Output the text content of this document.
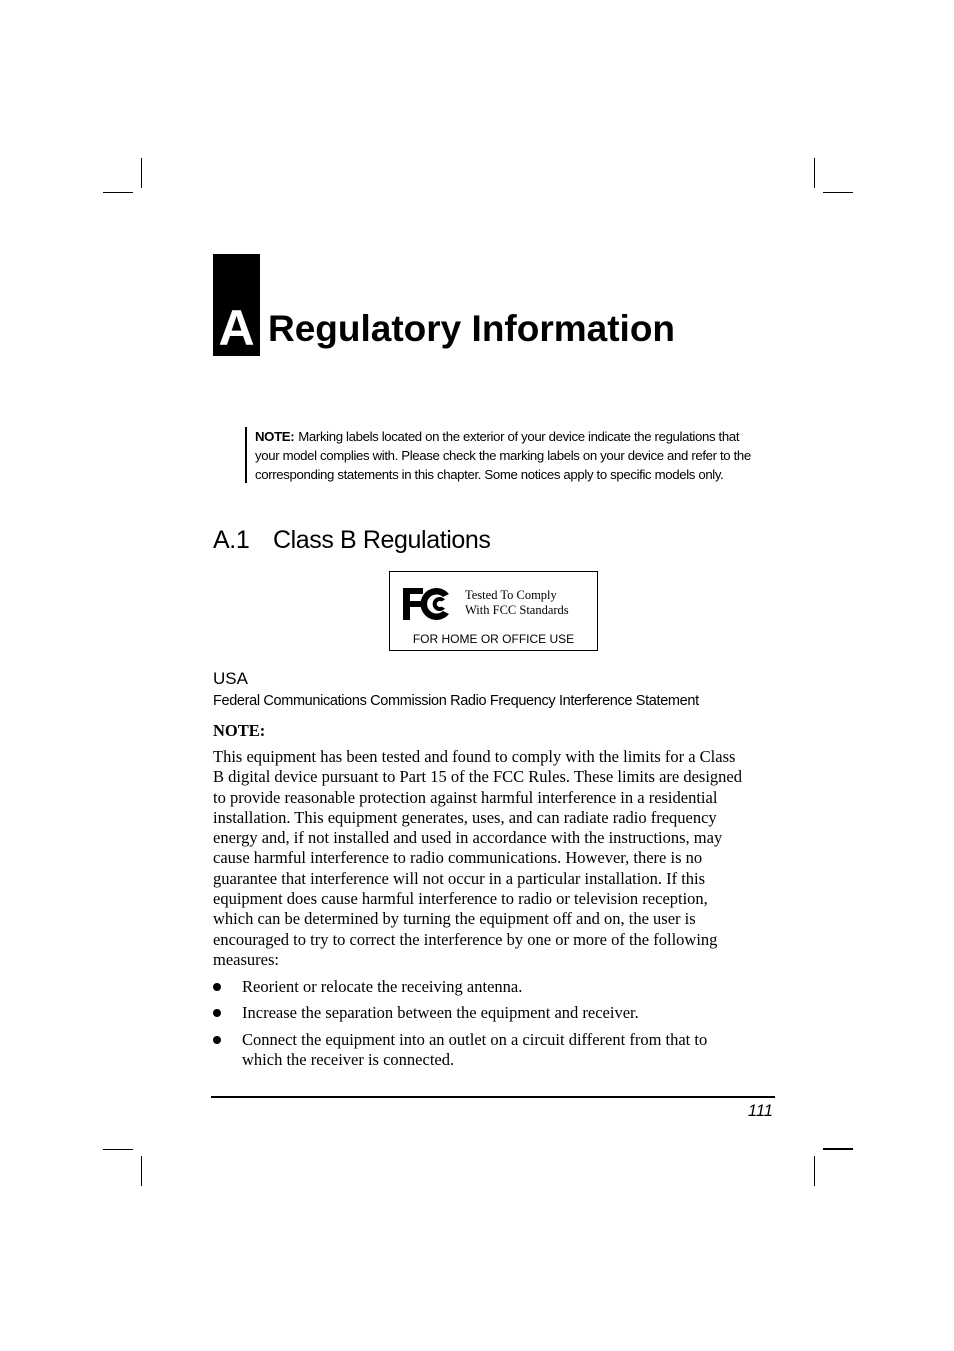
A Regulatory Information
NOTE: Marking labels located on the exterior of your device indicate the regulations that
your model complies with. Please check the marking labels on your device and refer to the
corresponding statements in this chapter. Some notices apply to specific models only.
A.1 Class B Regulations
Tested To Comply
With FCC Standards
FOR HOME OR OFFICE USE
USA
Federal Communications Commission Radio Frequency Interference Statement
NOTE:
This equipment has been tested and found to comply with the limits for a Class
B digital device pursuant to Part 15 of the FCC Rules. These limits are designed
to provide reasonable protection against harmful interference in a residential
installation. This equipment generates, uses, and can radiate radio frequency
energy and, if not installed and used in accordance with the instructions, may
cause harmful interference to radio communications. However, there is no
guarantee that interference will not occur in a particular installation. If this
equipment does cause harmful interference to radio or television reception,
which can be determined by turning the equipment off and on, the user is
encouraged to try to correct the interference by one or more of the following
measures:
Reorient or relocate the receiving antenna.
Increase the separation between the equipment and receiver.
Connect the equipment into an outlet on a circuit different from that to
which the receiver is connected.
111
